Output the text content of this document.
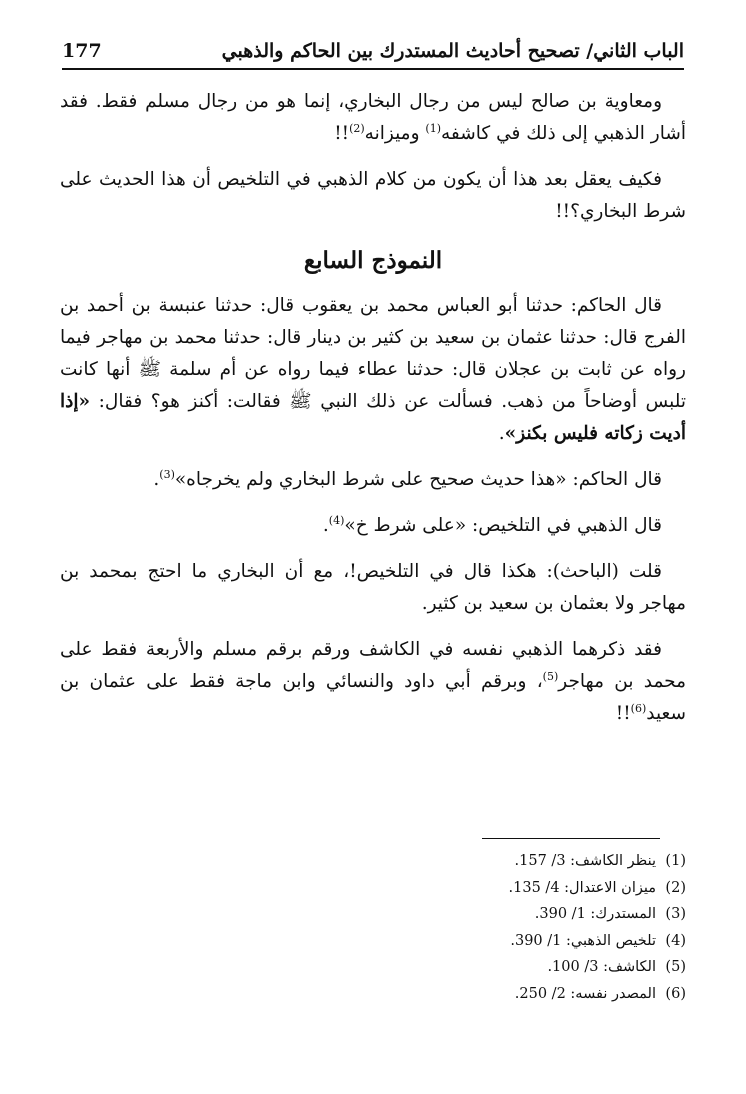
الباب الثاني/ تصحيح أحاديث المستدرك بين الحاكم والذهبي
177

ومعاوية بن صالح ليس من رجال البخاري، إنما هو من رجال مسلم فقط. فقد أشار الذهبي إلى ذلك في كاشفه$^{(1)}$ وميزانه$^{(2)}$!!

فكيف يعقل بعد هذا أن يكون من كلام الذهبي في التلخيص أن هذا الحديث على شرط البخاري؟!!

النموذج السابع

قال الحاكم: حدثنا أبو العباس محمد بن يعقوب قال: حدثنا عنبسة بن أحمد بن الفرج قال: حدثنا عثمان بن سعيد بن كثير بن دينار قال: حدثنا محمد بن مهاجر فيما رواه عن ثابت بن عجلان قال: حدثنا عطاء فيما رواه عن أم سلمة ﷺ أنها كانت تلبس أوضاحاً من ذهب. فسألت عن ذلك النبي ﷺ فقالت: أكنز هو؟ فقال: «إذا أديت زكاته فليس بكنز».

قال الحاكم: «هذا حديث صحيح على شرط البخاري ولم يخرجاه»$^{(3)}$.

قال الذهبي في التلخيص: «على شرط خ»$^{(4)}$.

قلت (الباحث): هكذا قال في التلخيص!، مع أن البخاري ما احتج بمحمد بن مهاجر ولا بعثمان بن سعيد بن كثير.

فقد ذكرهما الذهبي نفسه في الكاشف ورقم برقم مسلم والأربعة فقط على محمد بن مهاجر$^{(5)}$، وبرقم أبي داود والنسائي وابن ماجة فقط على عثمان بن سعيد$^{(6)}$!!

(1)ينظر الكاشف: 3/ 157.
(2)ميزان الاعتدال: 4/ 135.
(3)المستدرك: 1/ 390.
(4)تلخيص الذهبي: 1/ 390.
(5)الكاشف: 3/ 100.
(6)المصدر نفسه: 2/ 250.
